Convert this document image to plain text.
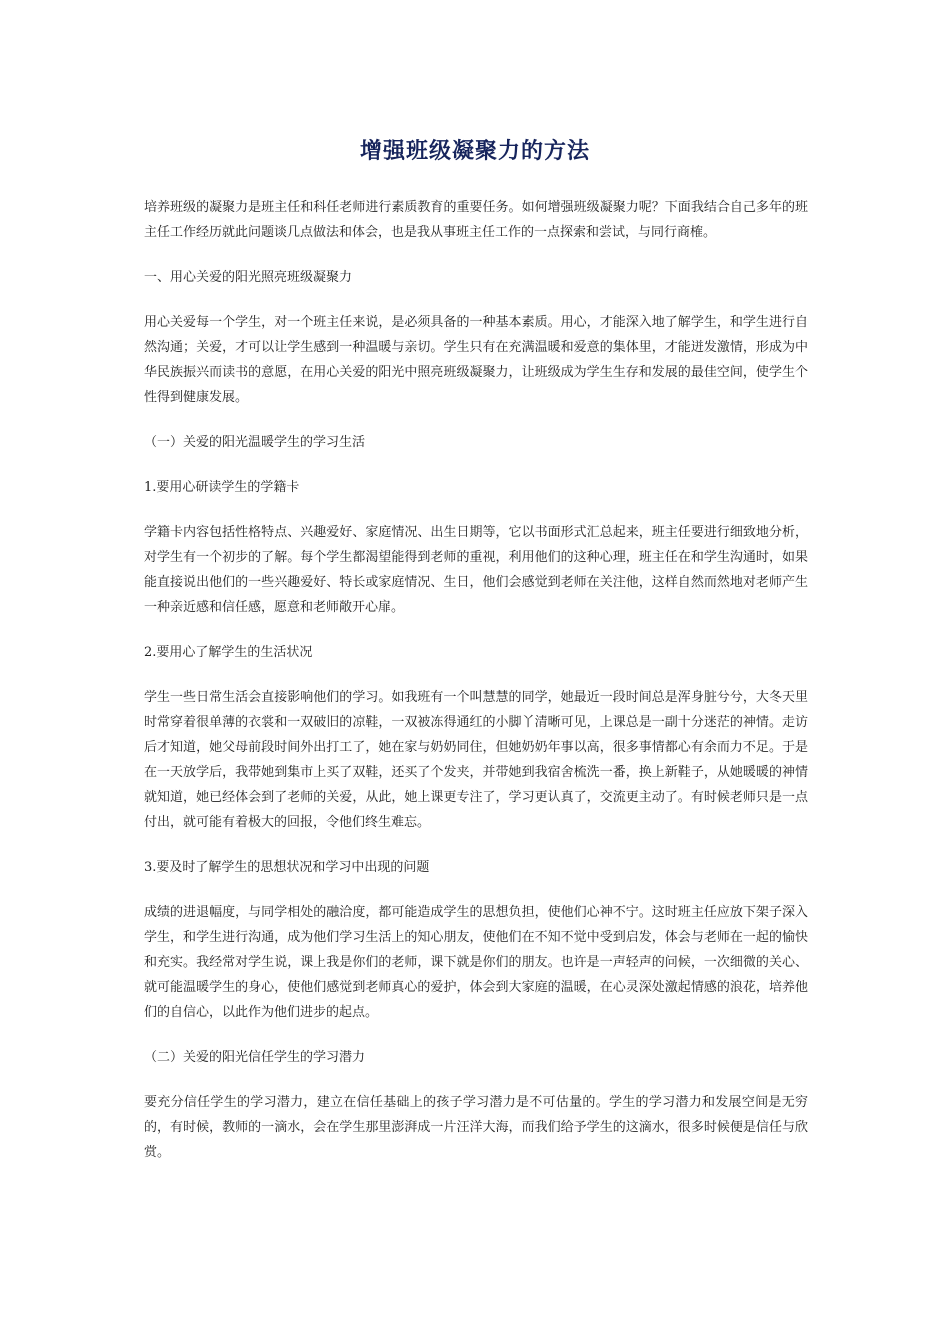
增强班级凝聚力的方法

培养班级的凝聚力是班主任和科任老师进行素质教育的重要任务。如何增强班级凝聚力呢？下面我结合自己多年的班主任工作经历就此问题谈几点做法和体会，也是我从事班主任工作的一点探索和尝试，与同行商榷。

一、用心关爱的阳光照亮班级凝聚力

用心关爱每一个学生，对一个班主任来说，是必须具备的一种基本素质。用心，才能深入地了解学生，和学生进行自然沟通；关爱，才可以让学生感到一种温暖与亲切。学生只有在充满温暖和爱意的集体里，才能迸发激情，形成为中华民族振兴而读书的意愿，在用心关爱的阳光中照亮班级凝聚力，让班级成为学生生存和发展的最佳空间，使学生个性得到健康发展。

（一）关爱的阳光温暖学生的学习生活

1.要用心研读学生的学籍卡

学籍卡内容包括性格特点、兴趣爱好、家庭情况、出生日期等，它以书面形式汇总起来，班主任要进行细致地分析，对学生有一个初步的了解。每个学生都渴望能得到老师的重视，利用他们的这种心理，班主任在和学生沟通时，如果能直接说出他们的一些兴趣爱好、特长或家庭情况、生日，他们会感觉到老师在关注他，这样自然而然地对老师产生一种亲近感和信任感，愿意和老师敞开心扉。

2.要用心了解学生的生活状况

学生一些日常生活会直接影响他们的学习。如我班有一个叫慧慧的同学，她最近一段时间总是浑身脏兮兮，大冬天里时常穿着很单薄的衣裳和一双破旧的凉鞋，一双被冻得通红的小脚丫清晰可见，上课总是一副十分迷茫的神情。走访后才知道，她父母前段时间外出打工了，她在家与奶奶同住，但她奶奶年事以高，很多事情都心有余而力不足。于是在一天放学后，我带她到集市上买了双鞋，还买了个发夹，并带她到我宿舍梳洗一番，换上新鞋子，从她暖暖的神情就知道，她已经体会到了老师的关爱，从此，她上课更专注了，学习更认真了，交流更主动了。有时候老师只是一点付出，就可能有着极大的回报，令他们终生难忘。

3.要及时了解学生的思想状况和学习中出现的问题

成绩的进退幅度，与同学相处的融洽度，都可能造成学生的思想负担，使他们心神不宁。这时班主任应放下架子深入学生，和学生进行沟通，成为他们学习生活上的知心朋友，使他们在不知不觉中受到启发，体会与老师在一起的愉快和充实。我经常对学生说，课上我是你们的老师，课下就是你们的朋友。也许是一声轻声的问候，一次细微的关心、就可能温暖学生的身心，使他们感觉到老师真心的爱护，体会到大家庭的温暖，在心灵深处激起情感的浪花，培养他们的自信心，以此作为他们进步的起点。

（二）关爱的阳光信任学生的学习潜力

要充分信任学生的学习潜力，建立在信任基础上的孩子学习潜力是不可估量的。学生的学习潜力和发展空间是无穷的，有时候，教师的一滴水，会在学生那里澎湃成一片汪洋大海，而我们给予学生的这滴水，很多时候便是信任与欣赏。
